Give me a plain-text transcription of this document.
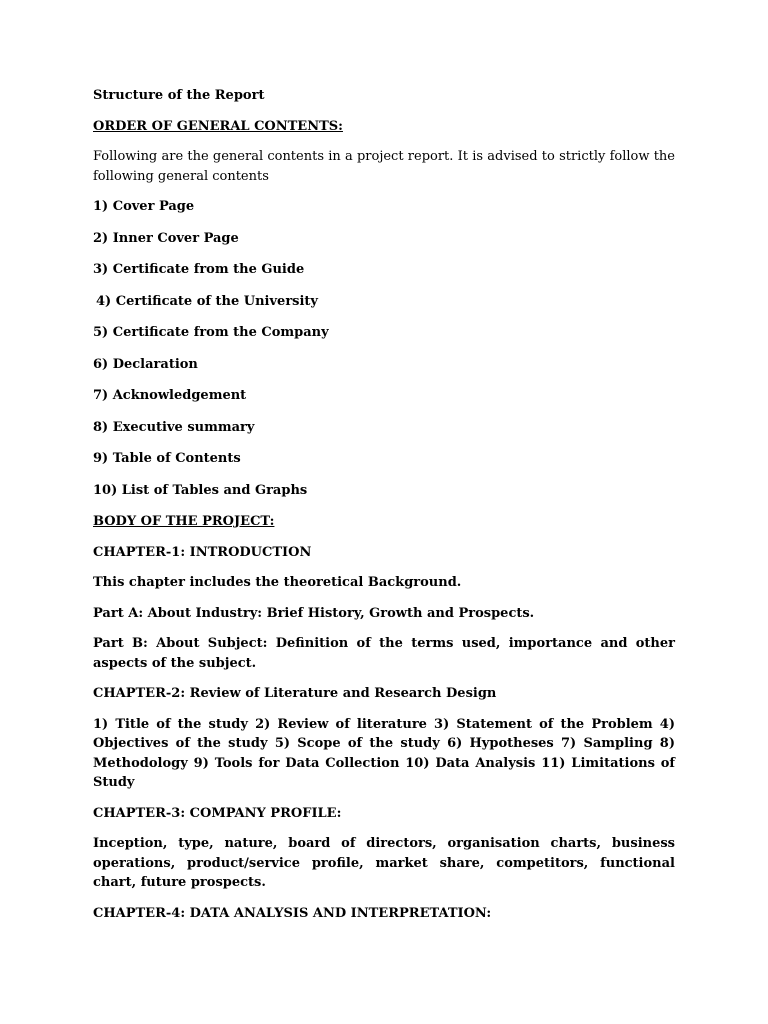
Structure of the Report

ORDER OF GENERAL CONTENTS:

Following are the general contents in a project report. It is advised to strictly follow the following general contents

1) Cover Page

2) Inner Cover Page

3) Certificate from the Guide

4) Certificate of the University

5) Certificate from the Company

6) Declaration

7) Acknowledgement

8) Executive summary

9) Table of Contents

10) List of Tables and Graphs

BODY OF THE PROJECT:

CHAPTER-1: INTRODUCTION

This chapter includes the theoretical Background.

Part A: About Industry: Brief History, Growth and Prospects.

Part B: About Subject: Definition of the terms used, importance and other aspects of the subject.

CHAPTER-2: Review of Literature and Research Design

1) Title of the study 2) Review of literature 3) Statement of the Problem 4) Objectives of the study 5) Scope of the study 6) Hypotheses 7) Sampling 8) Methodology 9) Tools for Data Collection 10) Data Analysis 11) Limitations of Study

CHAPTER-3: COMPANY PROFILE:

Inception, type, nature, board of directors, organisation charts, business operations, product/service profile, market share, competitors, functional chart, future prospects.

CHAPTER-4: DATA ANALYSIS AND INTERPRETATION:
